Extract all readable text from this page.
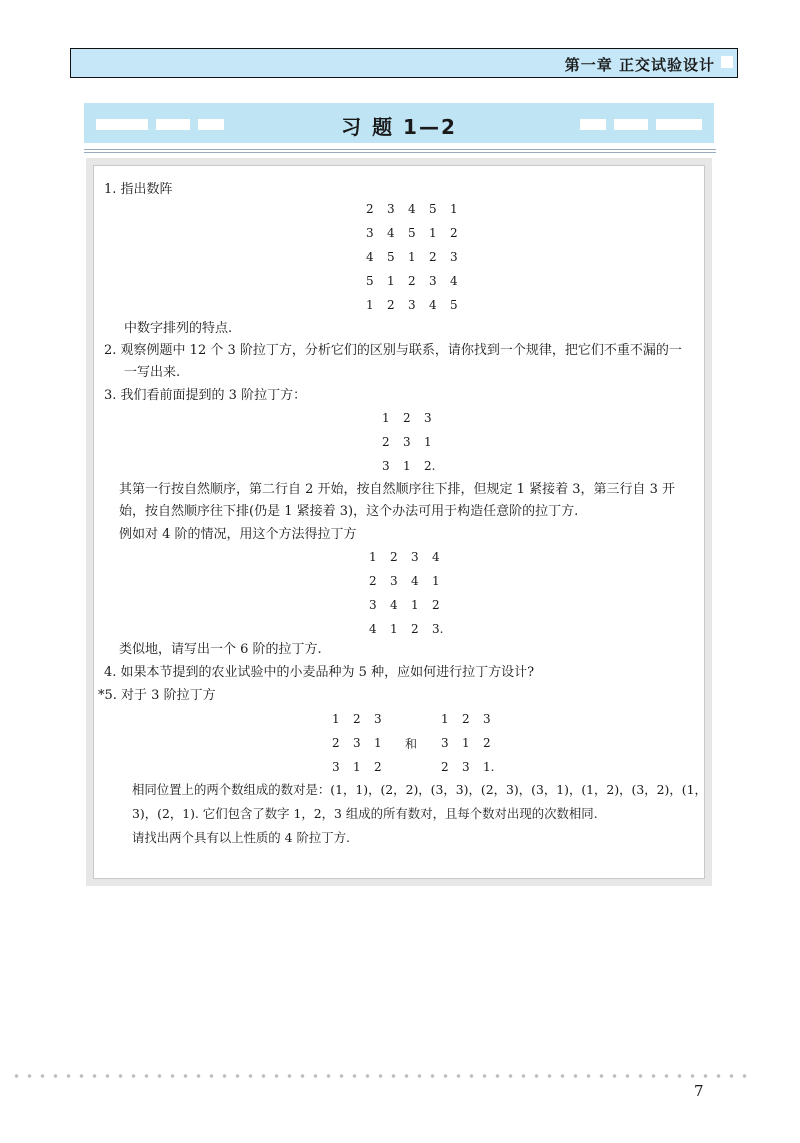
第一章 正交试验设计
习 题 1—2
1. 指出数阵
2 3 4 5 1
3 4 5 1 2
4 5 1 2 3
5 1 2 3 4
1 2 3 4 5
中数字排列的特点.
2. 观察例题中 12 个 3 阶拉丁方，分析它们的区别与联系，请你找到一个规律，把它们不重不漏的一
一写出来.
3. 我们看前面提到的 3 阶拉丁方：
1 2 3
2 3 1
3 1 2.
其第一行按自然顺序，第二行自 2 开始，按自然顺序往下排，但规定 1 紧接着 3，第三行自 3 开
始，按自然顺序往下排(仍是 1 紧接着 3)，这个办法可用于构造任意阶的拉丁方.
例如对 4 阶的情况，用这个方法得拉丁方
1 2 3 4
2 3 4 1
3 4 1 2
4 1 2 3.
类似地，请写出一个 6 阶的拉丁方.
4. 如果本节提到的农业试验中的小麦品种为 5 种，应如何进行拉丁方设计?
*5. 对于 3 阶拉丁方
1 2 3
2 3 1
3 1 2
和
1 2 3
3 1 2
2 3 1.
相同位置上的两个数组成的数对是：(1，1)，(2，2)，(3，3)，(2，3)，(3，1)，(1，2)，(3，2)，(1，
3)，(2，1). 它们包含了数字 1，2，3 组成的所有数对，且每个数对出现的次数相同.
请找出两个具有以上性质的 4 阶拉丁方.
7
